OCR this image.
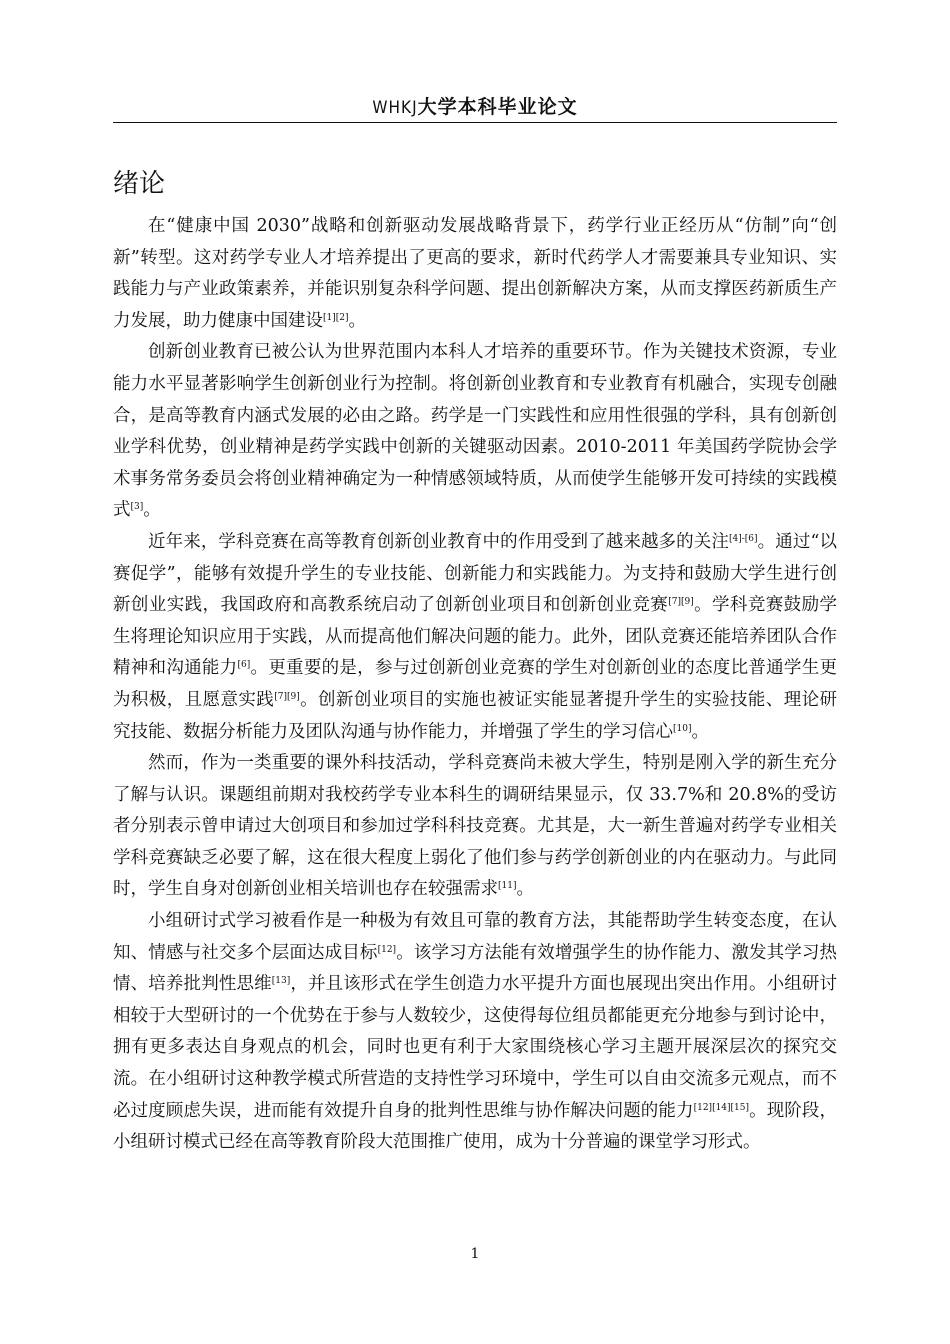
WHKJ大学本科毕业论文
绪论

在“健康中国 2030”战略和创新驱动发展战略背景下，药学行业正经历从“仿制”向“创新”转型。这对药学专业人才培养提出了更高的要求，新时代药学人才需要兼具专业知识、实践能力与产业政策素养，并能识别复杂科学问题、提出创新解决方案，从而支撑医药新质生产力发展，助力健康中国建设[1][2]。

创新创业教育已被公认为世界范围内本科人才培养的重要环节。作为关键技术资源，专业能力水平显著影响学生创新创业行为控制。将创新创业教育和专业教育有机融合，实现专创融合，是高等教育内涵式发展的必由之路。药学是一门实践性和应用性很强的学科，具有创新创业学科优势，创业精神是药学实践中创新的关键驱动因素。2010-2011 年美国药学院协会学术事务常务委员会将创业精神确定为一种情感领域特质，从而使学生能够开发可持续的实践模式[3]。

近年来，学科竞赛在高等教育创新创业教育中的作用受到了越来越多的关注[4]-[6]。通过“以赛促学”，能够有效提升学生的专业技能、创新能力和实践能力。为支持和鼓励大学生进行创新创业实践，我国政府和高教系统启动了创新创业项目和创新创业竞赛[7][9]。学科竞赛鼓励学生将理论知识应用于实践，从而提高他们解决问题的能力。此外，团队竞赛还能培养团队合作精神和沟通能力[6]。更重要的是，参与过创新创业竞赛的学生对创新创业的态度比普通学生更为积极，且愿意实践[7][9]。创新创业项目的实施也被证实能显著提升学生的实验技能、理论研究技能、数据分析能力及团队沟通与协作能力，并增强了学生的学习信心[10]。

然而，作为一类重要的课外科技活动，学科竞赛尚未被大学生，特别是刚入学的新生充分了解与认识。课题组前期对我校药学专业本科生的调研结果显示，仅 33.7%和 20.8%的受访者分别表示曾申请过大创项目和参加过学科科技竞赛。尤其是，大一新生普遍对药学专业相关学科竞赛缺乏必要了解，这在很大程度上弱化了他们参与药学创新创业的内在驱动力。与此同时，学生自身对创新创业相关培训也存在较强需求[11]。

小组研讨式学习被看作是一种极为有效且可靠的教育方法，其能帮助学生转变态度，在认知、情感与社交多个层面达成目标[12]。该学习方法能有效增强学生的协作能力、激发其学习热情、培养批判性思维[13]，并且该形式在学生创造力水平提升方面也展现出突出作用。小组研讨相较于大型研讨的一个优势在于参与人数较少，这使得每位组员都能更充分地参与到讨论中，拥有更多表达自身观点的机会，同时也更有利于大家围绕核心学习主题开展深层次的探究交流。在小组研讨这种教学模式所营造的支持性学习环境中，学生可以自由交流多元观点，而不必过度顾虑失误，进而能有效提升自身的批判性思维与协作解决问题的能力[12][14][15]。现阶段，小组研讨模式已经在高等教育阶段大范围推广使用，成为十分普遍的课堂学习形式。

1
